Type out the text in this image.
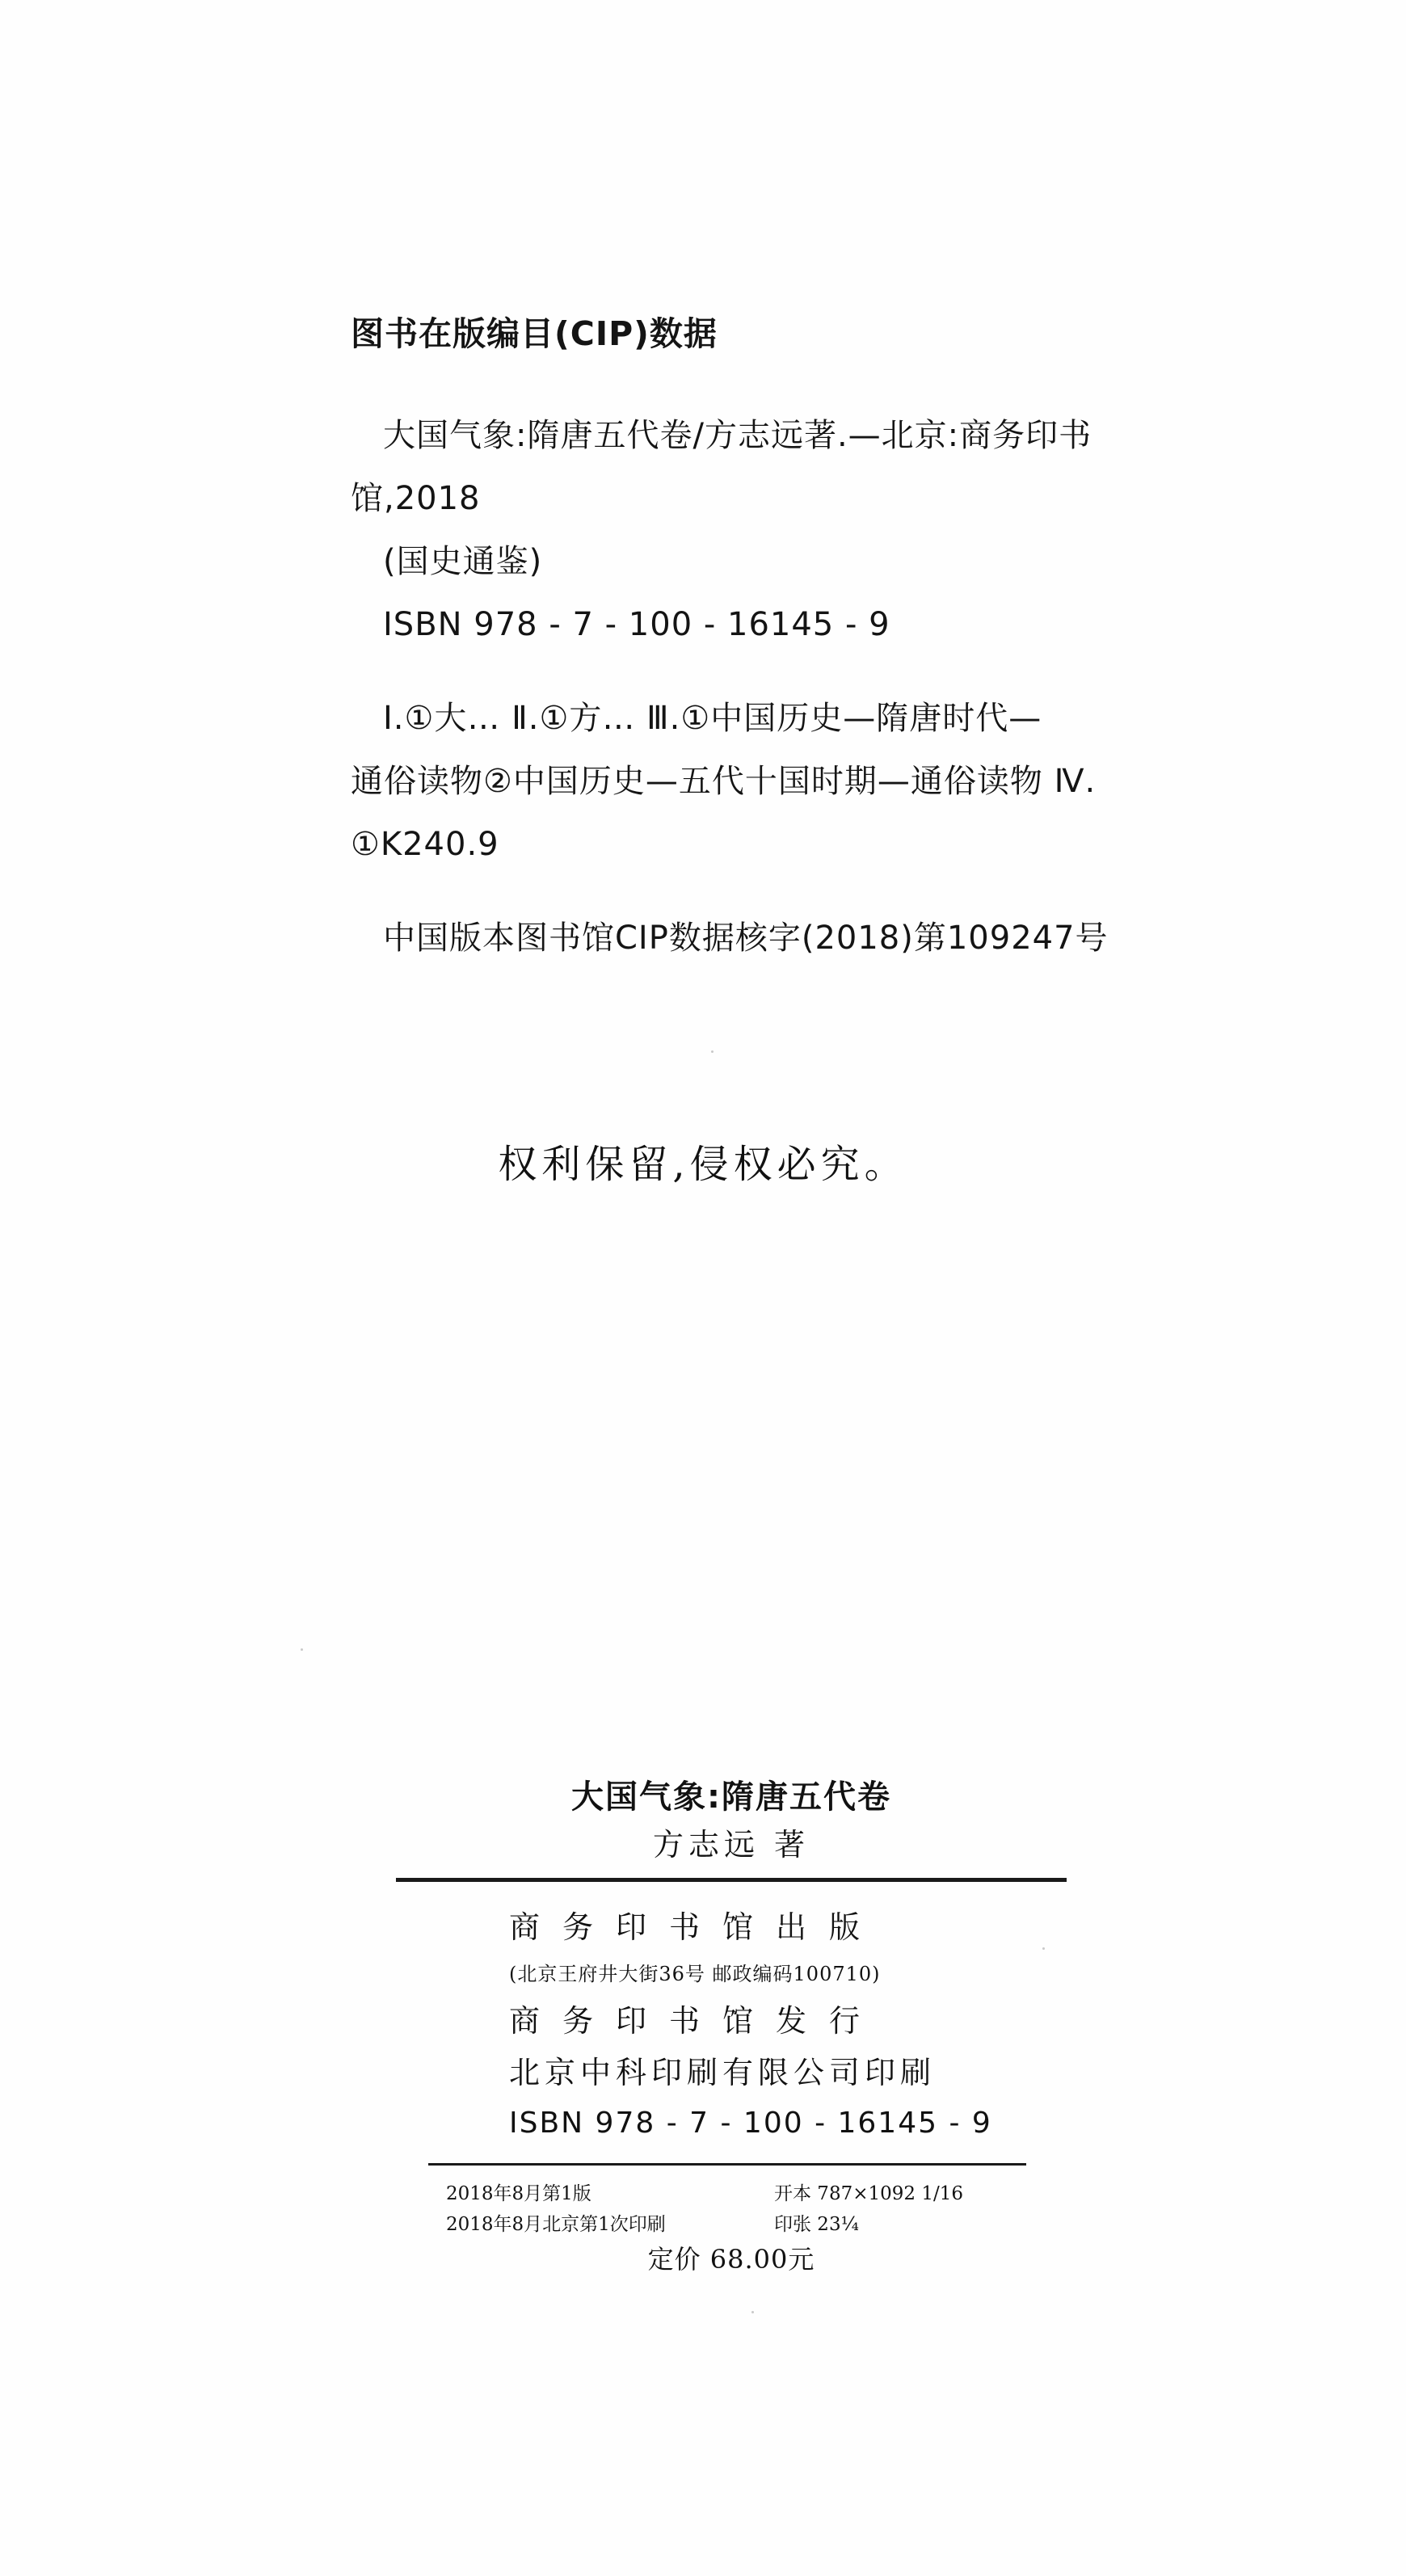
图书在版编目(CIP)数据
大国气象:隋唐五代卷/方志远著.—北京:商务印书
馆,2018
(国史通鉴)
ISBN 978 - 7 - 100 - 16145 - 9
Ⅰ.①大… Ⅱ.①方… Ⅲ.①中国历史—隋唐时代—
通俗读物②中国历史—五代十国时期—通俗读物 Ⅳ.
①K240.9
中国版本图书馆CIP数据核字(2018)第109247号
权利保留,侵权必究。
大国气象:隋唐五代卷
方志远 著
商务印书馆出版
(北京王府井大街36号 邮政编码100710)
商务印书馆发行
北京中科印刷有限公司印刷
ISBN 978 - 7 - 100 - 16145 - 9
2018年8月第1版
2018年8月北京第1次印刷
开本 787×1092 1/16
印张 23¼
定价 68.00元
